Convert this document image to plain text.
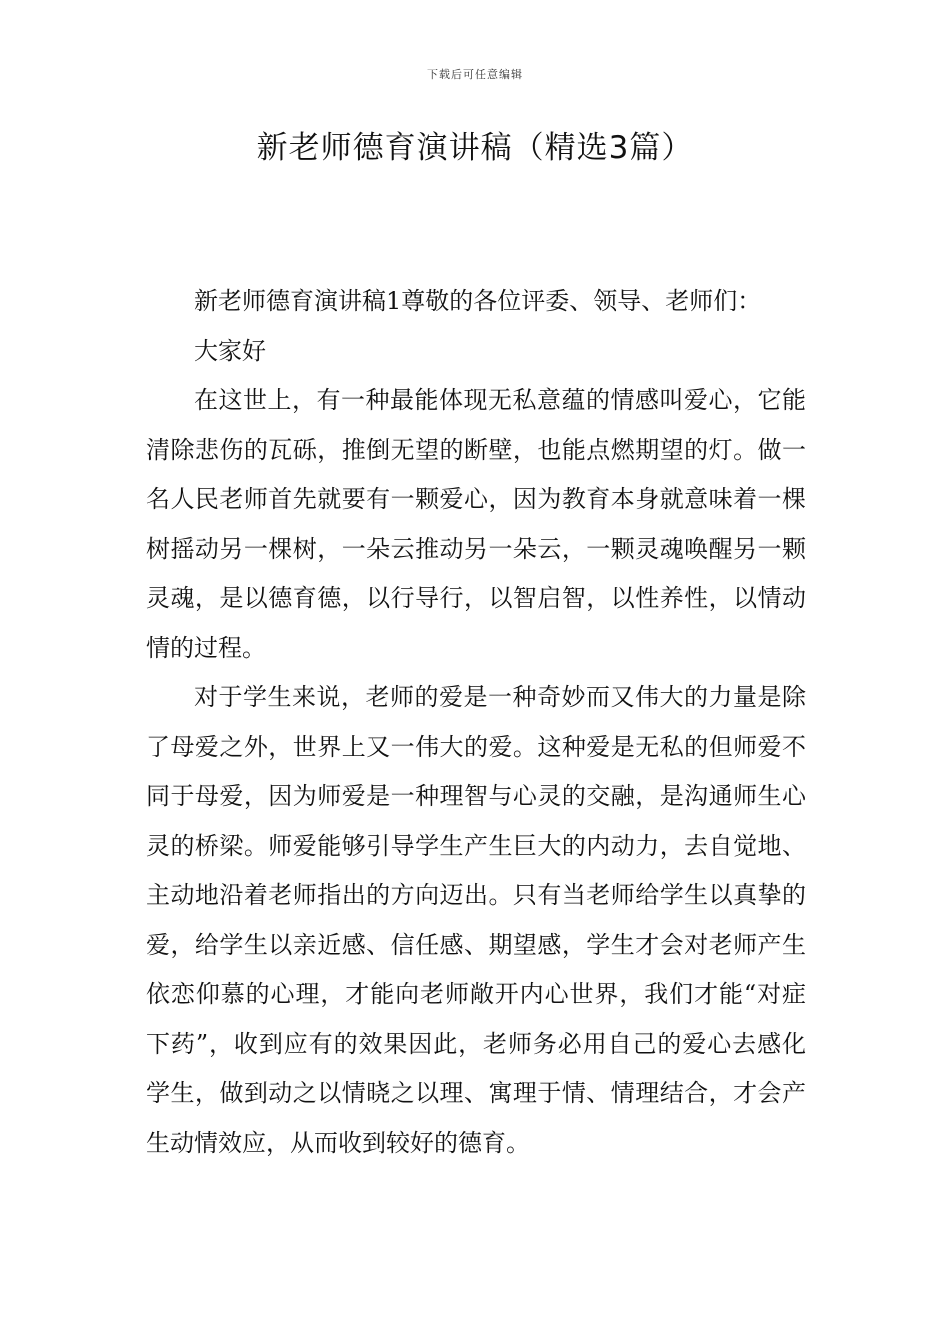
下载后可任意编辑
新老师德育演讲稿（精选3篇）

新老师德育演讲稿1尊敬的各位评委、领导、老师们：

大家好

在这世上，有一种最能体现无私意蕴的情感叫爱心，它能清除悲伤的瓦砾，推倒无望的断壁，也能点燃期望的灯。做一名人民老师首先就要有一颗爱心，因为教育本身就意味着一棵树摇动另一棵树，一朵云推动另一朵云，一颗灵魂唤醒另一颗灵魂，是以德育德，以行导行，以智启智，以性养性，以情动情的过程。

对于学生来说，老师的爱是一种奇妙而又伟大的力量是除了母爱之外，世界上又一伟大的爱。这种爱是无私的但师爱不同于母爱，因为师爱是一种理智与心灵的交融，是沟通师生心灵的桥梁。师爱能够引导学生产生巨大的内动力，去自觉地、主动地沿着老师指出的方向迈出。只有当老师给学生以真挚的爱，给学生以亲近感、信任感、期望感，学生才会对老师产生依恋仰慕的心理，才能向老师敞开内心世界，我们才能“对症下药”，收到应有的效果因此，老师务必用自己的爱心去感化学生，做到动之以情晓之以理、寓理于情、情理结合，才会产生动情效应，从而收到较好的德育。
